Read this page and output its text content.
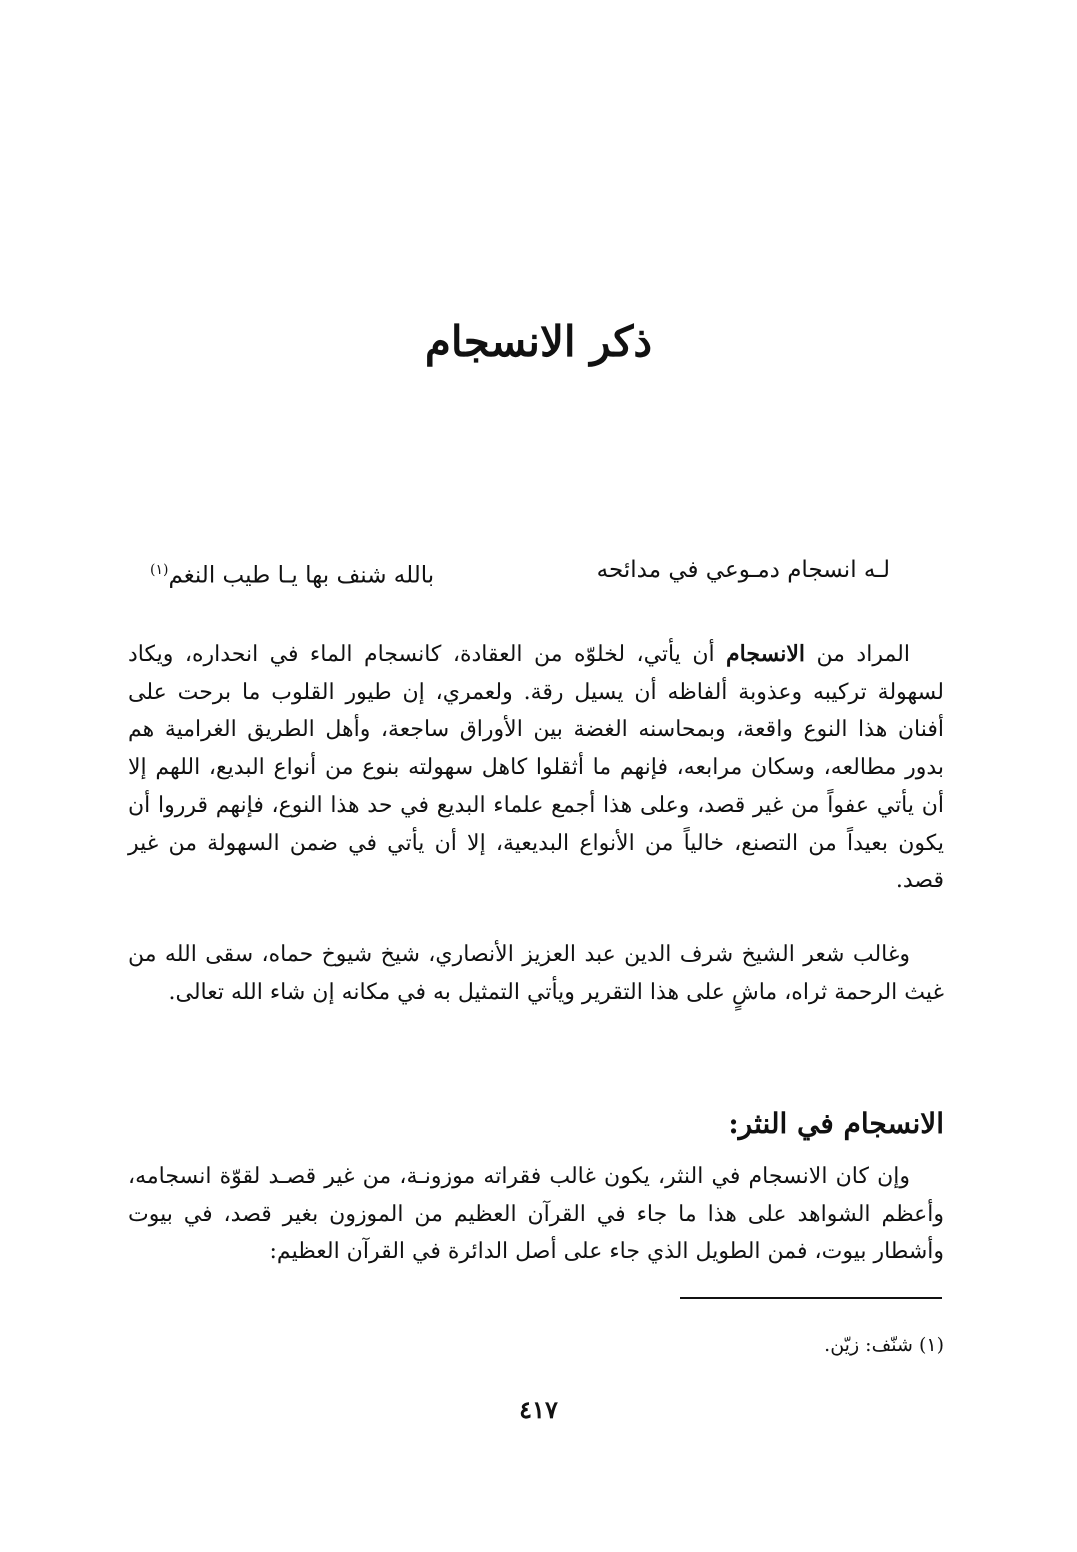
ذكر الانسجام
لـه انسجام دمـوعي في مدائحه
بالله شنف بها يـا طيب النغم$^{(١)}$

المراد من الانسجام أن يأتي، لخلوّه من العقادة، كانسجام الماء في انحداره، ويكاد لسهولة تركيبه وعذوبة ألفاظه أن يسيل رقة. ولعمري، إن طيور القلوب ما برحت على أفنان هذا النوع واقعة، وبمحاسنه الغضة بين الأوراق ساجعة، وأهل الطريق الغرامية هم بدور مطالعه، وسكان مرابعه، فإنهم ما أثقلوا كاهل سهولته بنوع من أنواع البديع، اللهم إلا أن يأتي عفواً من غير قصد، وعلى هذا أجمع علماء البديع في حد هذا النوع، فإنهم قرروا أن يكون بعيداً من التصنع، خالياً من الأنواع البديعية، إلا أن يأتي في ضمن السهولة من غير قصد.

وغالب شعر الشيخ شرف الدين عبد العزيز الأنصاري، شيخ شيوخ حماه، سقى الله من غيث الرحمة ثراه، ماشٍ على هذا التقرير ويأتي التمثيل به في مكانه إن شاء الله تعالى.

الانسجام في النثر:

وإن كان الانسجام في النثر، يكون غالب فقراته موزونـة، من غير قصـد لقوّة انسجامه، وأعظم الشواهد على هذا ما جاء في القرآن العظيم من الموزون بغير قصد، في بيوت وأشطار بيوت، فمن الطويل الذي جاء على أصل الدائرة في القرآن العظيم:

(١) شنّف: زيّن.

٤١٧
